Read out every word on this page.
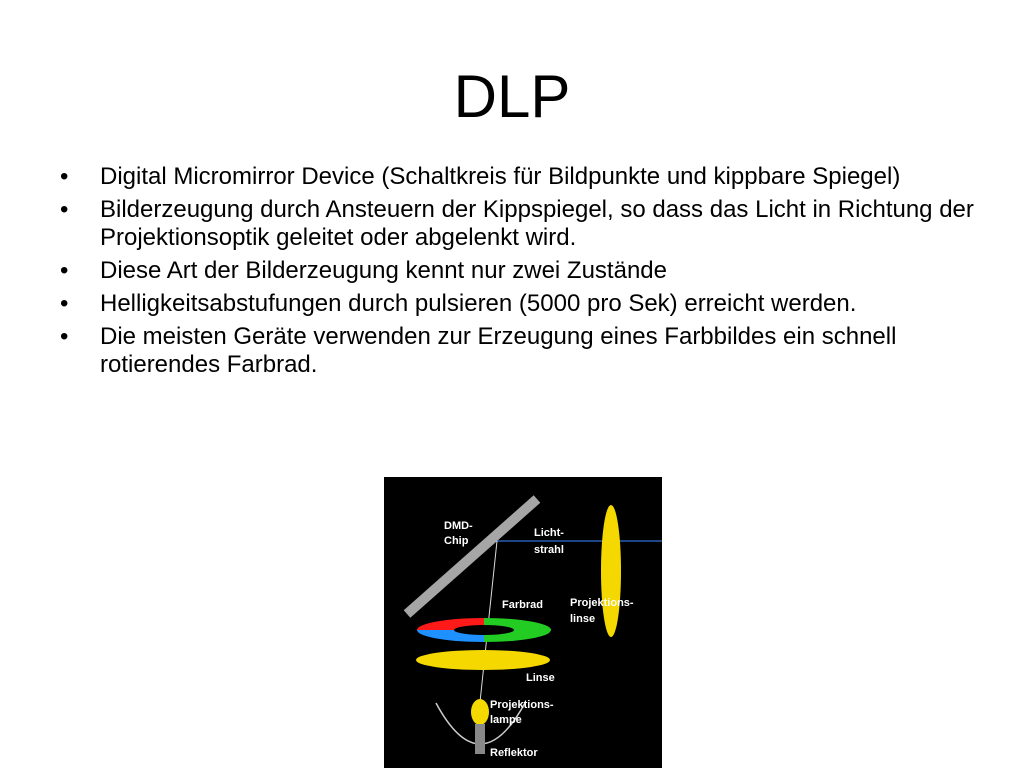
DLP
• Digital Micromirror Device (Schaltkreis für Bildpunkte und kippbare Spiegel)
• Bilderzeugung durch Ansteuern der Kippspiegel, so dass das Licht in Richtung der Projektionsoptik geleitet oder abgelenkt wird.
• Diese Art der Bilderzeugung kennt nur zwei Zustände
• Helligkeitsabstufungen durch pulsieren (5000 pro Sek) erreicht werden.
• Die meisten Geräte verwenden zur Erzeugung eines Farbbildes ein schnell rotierendes Farbrad.
DMD-
Chip
Licht-
strahl
Farbrad Projektions-
linse
Linse
Projektions-
lampe
Reflektor
